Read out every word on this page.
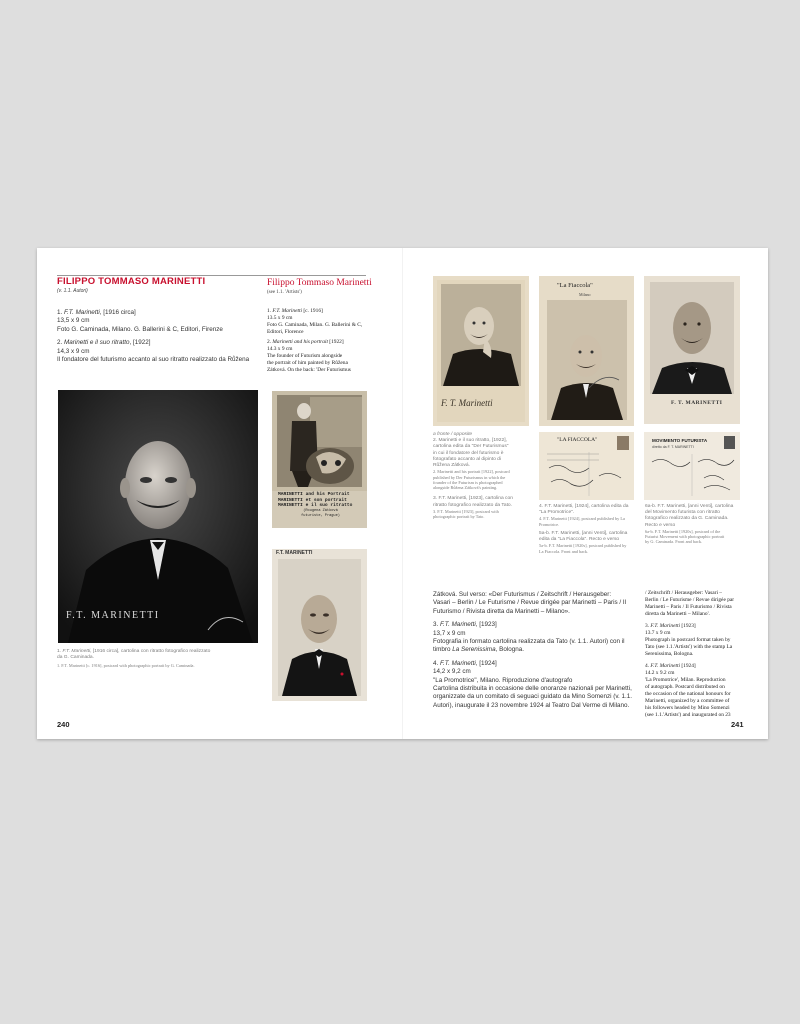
FILIPPO TOMMASO MARINETTI
(v. 1.1. Autori)
1. F.T. Marinetti, [1916 circa]
13,5 x 9 cm
Foto G. Caminada, Milano. G. Ballerini & C, Editori, Firenze
2. Marinetti e il suo ritratto, [1922]
14,3 x 9 cm
Il fondatore del futurismo accanto al suo ritratto realizzato da Růžena
Filippo Tommaso Marinetti
(see 1.1. 'Artists')
1. F.T. Marinetti [c. 1916]
13.5 x 9 cm
Foto G. Caminada, Milan. G. Ballerini & C,
Editori, Florence
2. Marinetti and his portrait [1922]
14.3 x 9 cm
The founder of Futurism alongside
the portrait of him painted by Růžena
Zátková. On the back: 'Der Futurismus
F.T. MARINETTI
MARINETTI and his Portrait
MARINETTI et son portrait
MARINETTI e il suo ritratto
(Rougena Zátková
futuriste, Prague)
F.T. MARINETTI
1. F.T. Marinetti, [1916 circa], cartolina con ritratto fotografico realizzato
da G. Caminada.
1. F.T. Marinetti [c. 1916], postcard with photographic portrait by G. Caminada.
240
F. T. Marinetti
"La Fiaccola"
Milano
F. T. MARINETTI
"LA FIACCOLA"	MOVIMENTO FUTURISTA
diretto da F. T. MARINETTI
a fronte / opposite
2. Marinetti e il suo ritratto, [1922],
cartolina edita da "Der Futurismus"
in cui il fondatore del futurismo è
fotografato accanto al dipinto di
Růžena Zátková.
2. Marinetti and his portrait [1922], postcard
published by Der Futurismus in which the
founder of the Futurism is photographed
alongside Růžena Zátková's painting.
3. F.T. Marinetti, [1923], cartolina con
ritratto fotografico realizzato da Tato.
3. F.T. Marinetti [1923], postcard with
photographic portrait by Tato.
4. F.T. Marinetti, [1924], cartolina edita da
"La Promotrice".
4. F.T. Marinetti [1924], postcard published by La
Promotrice.
5a-b. F.T. Marinetti, [anni Venti], cartolina
edita da "La Fiaccola". Recto e verso
5a-b. F.T. Marinetti [1920s], postcard published by
La Fiaccola. Front and back.
6a-b. F.T. Marinetti, [anni Venti], cartolina
del Movimento futurista con ritratto
fotografico realizzato da G. Caminada.
Recto e verso
6a-b. F.T. Marinetti [1920s], postcard of the
Futurist Movement with photographic portrait
by G. Caminada. Front and back.
Zátková. Sul verso: «Der Futurismus / Zeitschrift / Herausgeber:
Vasari – Berlin / Le Futurisme / Revue dirigée par Marinetti – Paris / Il
Futurismo / Rivista diretta da Marinetti – Milano».
3. F.T. Marinetti, [1923]
13,7 x 9 cm
Fotografia in formato cartolina realizzata da Tato (v. 1.1. Autori) con il
timbro La Serenissima, Bologna.
4. F.T. Marinetti, [1924]
14,2 x 9,2 cm
"La Promotrice", Milano. Riproduzione d'autografo
Cartolina distribuita in occasione delle onoranze nazionali per Marinetti,
organizzate da un comitato di seguaci guidato da Mino Somenzi (v. 1.1.
Autori), inaugurate il 23 novembre 1924 al Teatro Dal Verme di Milano.
/ Zeitschrift / Herausgeber: Vasari –
Berlin / Le Futurisme / Revue dirigée par
Marinetti – Paris / Il Futurismo / Rivista
diretta da Marinetti – Milano'.
3. F.T. Marinetti [1923]
13.7 x 9 cm
Photograph in postcard format taken by
Tato (see 1.1.'Artists') with the stamp La
Serenissima, Bologna.
4. F.T. Marinetti [1924]
14.2 x 9.2 cm
'La Promotrice', Milan. Reproduction
of autograph. Postcard distributed on
the occasion of the national honours for
Marinetti, organized by a committee of
his followers headed by Mino Somenzi
(see 1.1.'Artists') and inaugurated on 23
241
